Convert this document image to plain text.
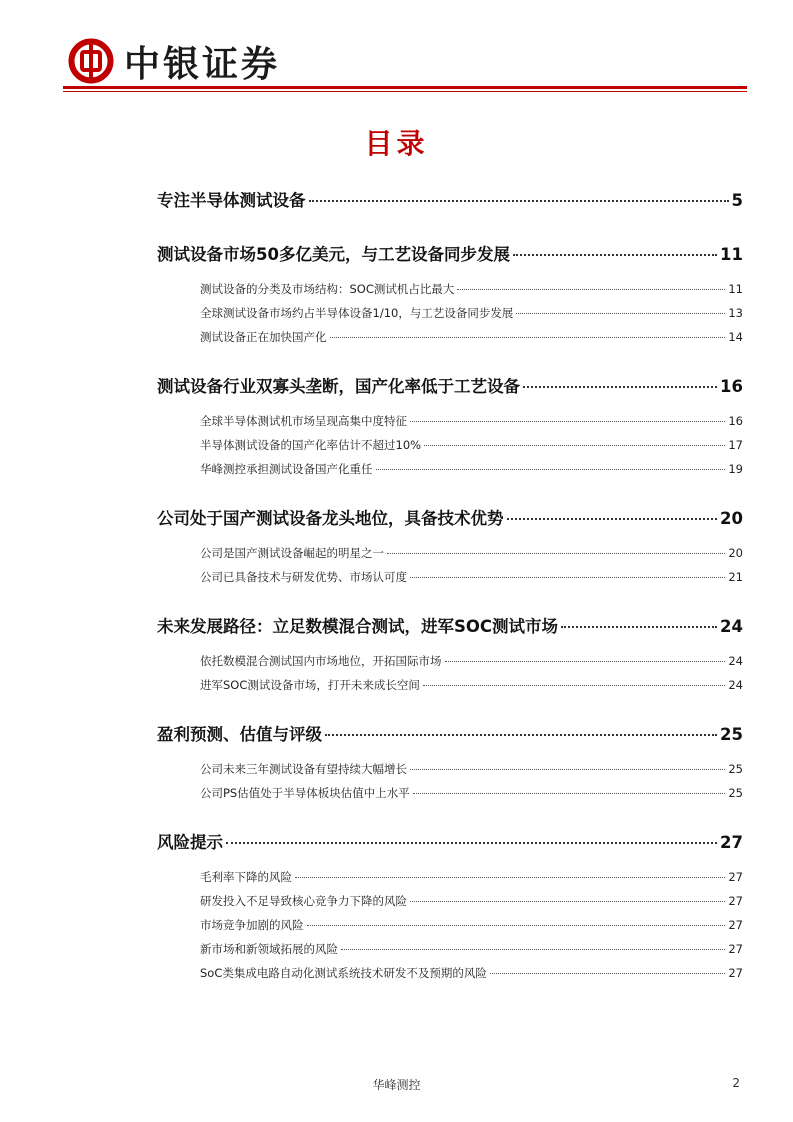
中银证券
目录
专注半导体测试设备	5
测试设备市场50多亿美元，与工艺设备同步发展	11
测试设备的分类及市场结构：SOC测试机占比最大	11
全球测试设备市场约占半导体设备1/10，与工艺设备同步发展	13
测试设备正在加快国产化	14
测试设备行业双寡头垄断，国产化率低于工艺设备	16
全球半导体测试机市场呈现高集中度特征	16
半导体测试设备的国产化率估计不超过10%	17
华峰测控承担测试设备国产化重任	19
公司处于国产测试设备龙头地位，具备技术优势	20
公司是国产测试设备崛起的明星之一	20
公司已具备技术与研发优势、市场认可度	21
未来发展路径：立足数模混合测试，进军SOC测试市场	24
依托数模混合测试国内市场地位，开拓国际市场	24
进军SOC测试设备市场，打开未来成长空间	24
盈利预测、估值与评级	25
公司未来三年测试设备有望持续大幅增长	25
公司PS估值处于半导体板块估值中上水平	25
风险提示	27
毛利率下降的风险	27
研发投入不足导致核心竞争力下降的风险	27
市场竞争加剧的风险	27
新市场和新领域拓展的风险	27
SoC类集成电路自动化测试系统技术研发不及预期的风险	27
华峰测控	2
